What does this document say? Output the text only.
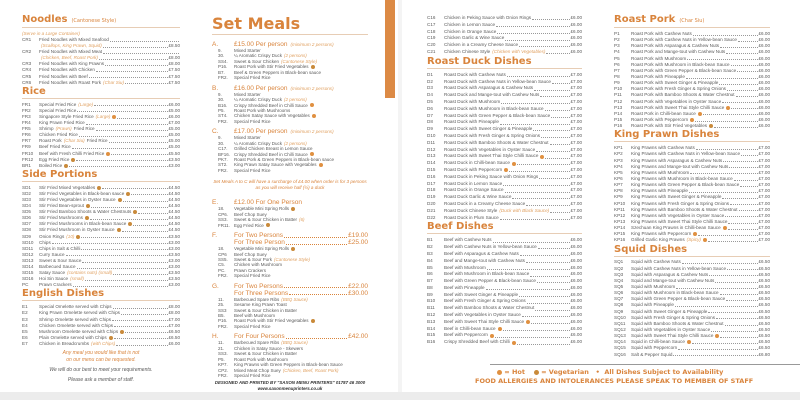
Noodles (Cantonese Style)
(Serve in a Large Container)
CR1	Fried Noodles with Mixed Seafood
(Scallops, King Prawn, Squid)	£8.50
CR2	Fried Noodles with Mixed Meat
(Chicken, Beef, Roast Pork)	£8.00
CR3	Fried Noodles with King Prawns	£8.00
CR4	Fried Noodles with Chicken	£7.50
CR5	Fried Noodles with Beef	£7.50
CR6	Fried Noodles with Roast Pork (Char Siu)	£7.50
Rice
FR1	Special Fried Rice (Large)	£6.00
FR2	Special Fried Rice	£5.00
FR3	Singapore Style Fried Rice (Large)	£6.00
FR4	King Prawn Fried Rice	£7.00
FR5	Shrimp (Prawn) Fried Rice	£5.00
FR6	Chicken Fried Rice	£5.00
FR7	Roast Pork (Char Siu) Fried Rice	£5.00
FR9	Beef Fried Rice	£5.00
FR10	Beef with Fresh Chilli Fried Rice	£5.50
FR12	Egg Fried Rice	£3.50
BR1	Boiled Rice	£3.00
Side Portions
SD1	Stir Fried Mixed Vegetables	£4.50
SD2	Stir Fried Vegetables in Black-bean sauce	£4.50
SD3	Stir Fried Vegetables in Oyster Sauce	£4.50
SD4	Stir Fried Bean-sprout	£4.50
SD5	Stir Fried Bamboo Shoots & Water Chestnuts	£4.50
SD6	Stir Fried Mushrooms	£4.50
SD7	Stir Fried Mushrooms in Black-bean Sauce	£4.50
SD8	Stir Fried Mushroom in Oyster Sauce	£4.50
SD9	Onion Rings (10)	£3.50
SD10	Chips	£3.00
SD11	Chips in Salt & Chilli	£3.00
SD12	Curry Sauce	£3.50
SD13	Sweet & Sour Sauce	£3.00
SD14	Barbecued Sauce	£3.00
SD15	Satay Sauce (contains nuts) (small)	£3.50
SD16	Hoi Sin Sauce (small)	£3.50
PC	Prawn Crackers	£3.00
English Dishes
E1	Special Omelette served with Chips	£8.00
E2	King Prawn Omelette served with Chips	£8.00
E3	Shrimp Omelette served with Chips	£7.00
E4	Chicken Omelette served with Chips	£7.00
E5	Mushroom Omelette served with Chips	£6.50
E6	Plain Omelette served with Chips	£6.50
E7	Chicken in Breadcrumbs (with Chips)	£6.00
Any meal you would like that is not
on our menu can be requested.
We will do our best to meet your requirements.
Please ask a member of staff.
Set Meals
A.	£15.00 Per person (minimum 2 persons)
9.	Mixed Starter
30.	¼ Aromatic Crispy Duck (2 persons)
SS4.	Sweet & Sour Chicken (Cantonese Style)
P16.	Roast Pork with Stir Fried Vegetables
B7.	Beef & Green Peppers in Black-bean sauce
FR2.	Special Fried Rice
B.	£16.00 Per person (minimum 2 persons)
9.	Mixed Starter
30.	¼ Aromatic Crispy Duck (2 persons)
B16.	Crispy Shredded Beef in Chilli Sauce
P5.	Roast Pork with Mushrooms
ST4.	Chicken Satay Sauce with Vegetables
FR2.	Special Fried Rice
C.	£17.00 Per person (minimum 2 persons)
9.	Mixed Starter
30.	¼ Aromatic Crispy Duck (2 persons)
C17.	Grilled Chicken Breast in Lemon Sauce
BF16. Crispy Shredded Beef in Chilli Sauce
PK7.	Roast Pork & Green Peppers in Black-bean sauce
ST2.	King Prawn Satay Sauce with Vegetables
FR2.	Special Fried Rice
Set Meals A to C will have a surcharge of £4.00 when order is for 3 persons as you will receive half (½) a duck
E.	£12.00 For One Person
18.	Vegetable Mini Spring Rolls
CP6.	Beef Chop Suey
SS3.	Sweet & Sour Chicken in Batter (6)
FR11. Egg Fried Rice
F.	For Two Persons	£19.00
For Three Person	£25.00
18.	Vegetable Mini Spring Rolls
CP6	Beef Chop Suey
SS5.	Sweet & Sour Pork (Cantonese Style)
C5.	Chicken with Mushroom
PC.	Prawn Crackers
FR2.	Special Fried Rice
G.	For Two Persons	£22.00
For Three Persons	£30.00
11.	Barbecued Spare Ribs (BBQ Sauce)
25.	Sesame King Prawn Toast
SS3	Sweet & Sour Chicken in Batter
B5.	Beef with Mushroom
P16.	Roast Pork with Stir Fried Vegetables
FR2.	Special Fried Rice
H.	For Four Persons	£42.00
11.	Barbecued Spare Ribs (BBQ Sauce)
21.	Chicken in Satay Sauce - Skewers
SS3.	Sweet & Sour Chicken in Batter
P5.	Roast Pork with Mushroom
KP7.	King Prawns with Green Peppers in Black-bean Sauce
CP2.	Mixed Meat Chop Suey (Chicken, Beef, Roast Pork)
FR2.	Special Fried Rice
C16	Chicken in Peking Sauce with Onion Rings	£6.00
C17	Chicken in Lemon Sauce	£6.00
C18	Chicken in Orange Sauce	£6.00
C19	Chicken Garlic & Wine Sauce	£6.00
C20	Chicken in a Creamy Cheese Sauce	£6.00
C21	Chicken Chinese Style (Chicken with Vegetables)	£6.00
Roast Duck Dishes
D1	Roast Duck with Cashew Nuts	£7.00
D2	Roast Duck with Cashew Nuts in Yellow-bean Sauce	£7.00
D3	Roast Duck with Asparagus & Cashew Nuts	£7.00
D4	Roast Duck and Mange-tout with Cashew Nuts	£7.00
D5	Roast Duck with Mushroom	£7.00
D6	Roast Duck with Mushroom in Black-bean Sauce	£7.00
D7	Roast Duck with Green Pepper & Black-bean Sauce	£7.00
D8	Roast Duck with Pineapple	£7.00
D9	Roast Duck with Sweet Ginger & Pineapple	£7.00
D10	Roast Duck with Fresh Ginger & Spring Onions	£7.00
D11	Roast Duck with Bamboo Shoots & Water Chestnut	£7.00
D12	Roast Duck with Vegetables in Oyster Sauce	£7.00
D13	Roast Duck with Sweet Thai Style Chilli Sauce	£7.00
D14	Roast Duck in Chilli-bean Sauce	£7.00
D15	Roast Duck with Peppercorn	£7.00
D16	Roast Duck in Peking Sauce with Onion Rings	£7.00
D17	Roast Duck in Lemon Sauce	£7.00
D18	Roast Duck in Orange Sauce	£7.00
D19	Roast Duck Garlic & Wine Sauce	£7.00
D20	Roast Duck in a Creamy Cheese Sauce	£7.00
D21	Roast Duck Chinese Style (Duck with Black Sauce)	£7.00
D22	Roast Duck in Plum Sauce	£7.00
Beef Dishes
B1	Beef with Cashew Nuts	£6.00
B2	Beef with Cashew Nuts in Yellow-bean Sauce	£6.00
B3	Beef with Asparagus & Cashew Nuts	£6.00
B4	Beef and Mange-tout with Cashew Nuts	£6.00
B5	Beef with Mushroom	£6.00
B6	Beef with Mushroom in Black-bean Sauce	£6.00
B7	Beef with Green Pepper & Black-bean Sauce	£6.00
B8	Beef with Pineapple	£6.00
B9	Beef with Sweet Ginger & Pineapple	£6.00
B10	Beef with Fresh Ginger & Spring Onions	£6.00
B11	Beef with Bamboo Shoots & Water Chestnut	£6.00
B12	Beef with Vegetables in Oyster Sauce	£6.00
B13	Beef with Sweet Thai Style Chilli Sauce	£6.00
B14	Beef in Chilli-bean Sauce	£6.00
B15	Beef with Peppercorn	£6.00
B16	Crispy Shredded Beef with Chilli	£6.00
Roast Pork (Char Siu)
P1	Roast Pork with Cashew Nuts	£6.00
P2	Roast Pork with Cashew Nuts in Yellow-bean Sauce	£6.00
P3	Roast Pork with Asparagus & Cashew Nuts	£6.00
P4	Roast Pork and Mange-tout with Cashew Nuts	£6.00
P5	Roast Pork with Mushroom	£6.00
P6	Roast Pork with Mushroom in Black-bean Sauce	£6.00
P7	Roast Pork with Green Pepper & Black-bean Sauce	£6.00
P8	Roast Pork with Pineapple	£6.00
P9	Roast Pork with Sweet Ginger & Pineapple	£6.00
P10	Roast Pork with Fresh Ginger & Spring Onions	£6.00
P11	Roast Pork with Bamboo Shoots & Water Chestnut	£6.00
P12	Roast Pork with Vegetables in Oyster Sauce	£6.00
P13	Roast Pork with Sweet Thai Style Chilli Sauce	£6.00
P14	Roast Pork in Chilli-bean Sauce	£6.00
P15	Roast Pork with Peppercorn	£6.00
P16	Roast Pork with Stir Fried Vegetables	£6.00
King Prawn Dishes
KP1	King Prawns with Cashew Nuts	£7.00
KP2	King Prawns with Cashew Nuts in Yellow-bean Sauce	£7.00
KP3	King Prawns with Asparagus & Cashew Nuts	£7.00
KP4	King Prawns and Mange-tout with Cashew Nuts	£7.00
KP5	King Prawns with Mushroom	£7.00
KP6	King Prawns with Mushroom in Black-bean Sauce	£7.00
KP7	King Prawns with Green Pepper & Black-bean Sauce	£7.00
KP8	King Prawns with Pineapple	£7.00
KP9	King Prawns with Sweet Ginger & Pineapple	£7.00
KP10	King Prawns with Fresh Ginger & Spring Onions	£7.00
KP11	King Prawns with Bamboo Shoots & Water Chestnut	£7.00
KP12	King Prawns with Vegetables in Oyster Sauce	£7.00
KP13	King Prawns with Sweet Thai Style Chilli Sauce	£7.00
KP14	Szechuan King Prawns in Chilli-bean Sauce	£7.00
KP15	King Prawns with Peppercorn	£7.00
KP16	Grilled Garlic King Prawns (Spicy)	£7.00
Squid Dishes
SQ1	Squid with Cashew Nuts	£6.50
SQ2	Squid with Cashew Nuts in Yellow-bean Sauce	£6.50
SQ3	Squid with Asparagus & Cashew Nuts	£6.50
SQ4	Squid and Mange-tout with Cashew Nuts	£6.50
SQ5	Squid with Mushroom	£6.50
SQ6	Squid with Mushroom in Black-bean Sauce	£6.50
SQ7	Squid with Green Pepper & Black-bean Sauce	£6.50
SQ8	Squid with Pineapple	£6.50
SQ9	Squid with Sweet Ginger & Pineapple	£6.50
SQ10	Squid with Fresh Ginger & Spring Onions	£6.50
SQ11	Squid with Bamboo Shoots & Water Chestnut	£6.50
SQ12	Squid with Vegetables in Oyster Sauce	£6.50
SQ13	Squid with Sweet Thai Style Chilli Sauce	£6.50
SQ14	Squid in Chilli-bean Sauce	£6.50
SQ15	Squid with Peppercorn	£6.50
SQ16	Salt & Pepper Squid	£6.80
DESIGNED AND PRINTED BY "SAXON MENU PRINTERS" 01787 46 3000
www.saxonmenuprinters.co.uk
= Hot = Vegetarian   •  All Dishes Subject to Availability
FOOD ALLERGIES AND INTOLERANCES PLEASE SPEAK TO MEMBER OF STAFF
